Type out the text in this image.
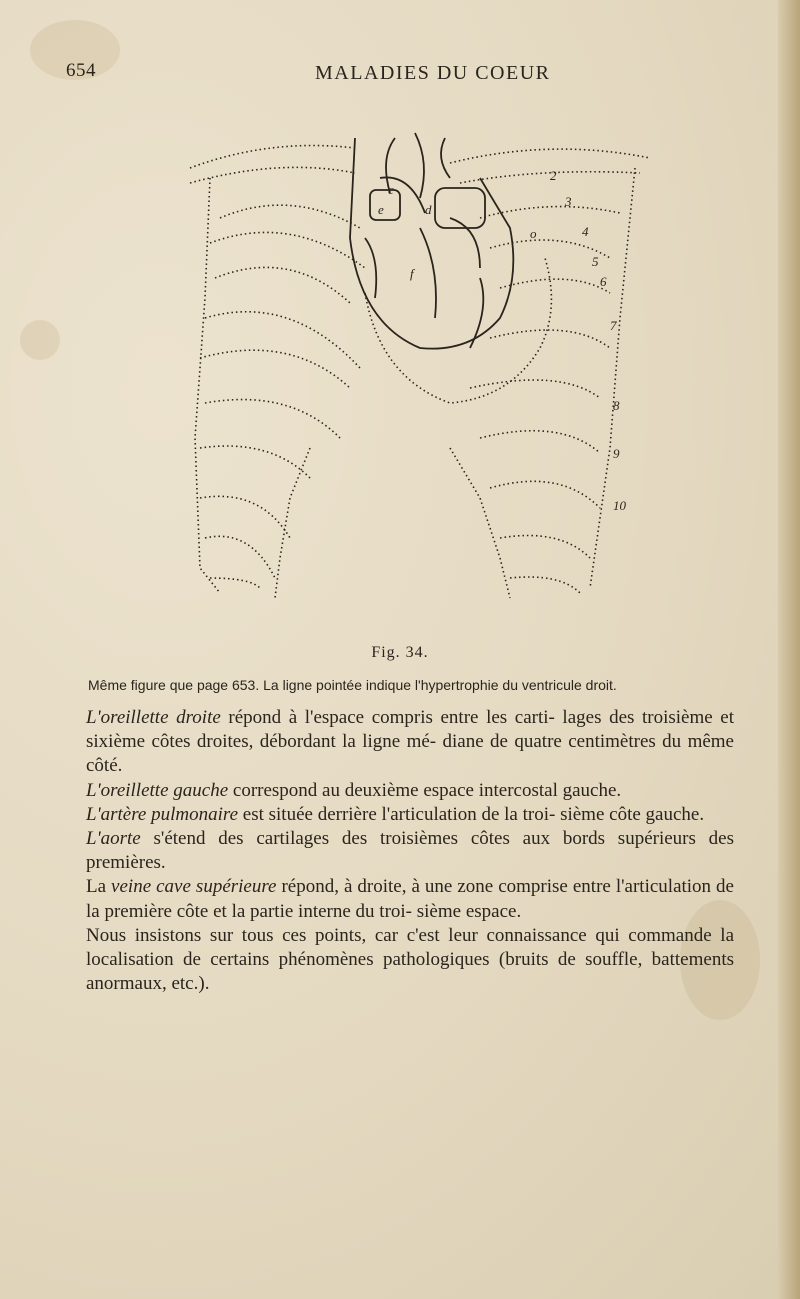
654	MALADIES DU COEUR
c
d
e
f
o
2
3
4
5
6
7
8
9
10
Fig. 34.
Même figure que page 653. La ligne pointée indique l'hypertrophie du ventricule droit.

L'oreillette droite répond à l'espace compris entre les carti- lages des troisième et sixième côtes droites, débordant la ligne mé- diane de quatre centimètres du même côté.

L'oreillette gauche correspond au deuxième espace intercostal gauche.

L'artère pulmonaire est située derrière l'articulation de la troi- sième côte gauche.

L'aorte s'étend des cartilages des troisièmes côtes aux bords supérieurs des premières.

La veine cave supérieure répond, à droite, à une zone comprise entre l'articulation de la première côte et la partie interne du troi- sième espace.

Nous insistons sur tous ces points, car c'est leur connaissance qui commande la localisation de certains phénomènes pathologiques (bruits de souffle, battements anormaux, etc.).
